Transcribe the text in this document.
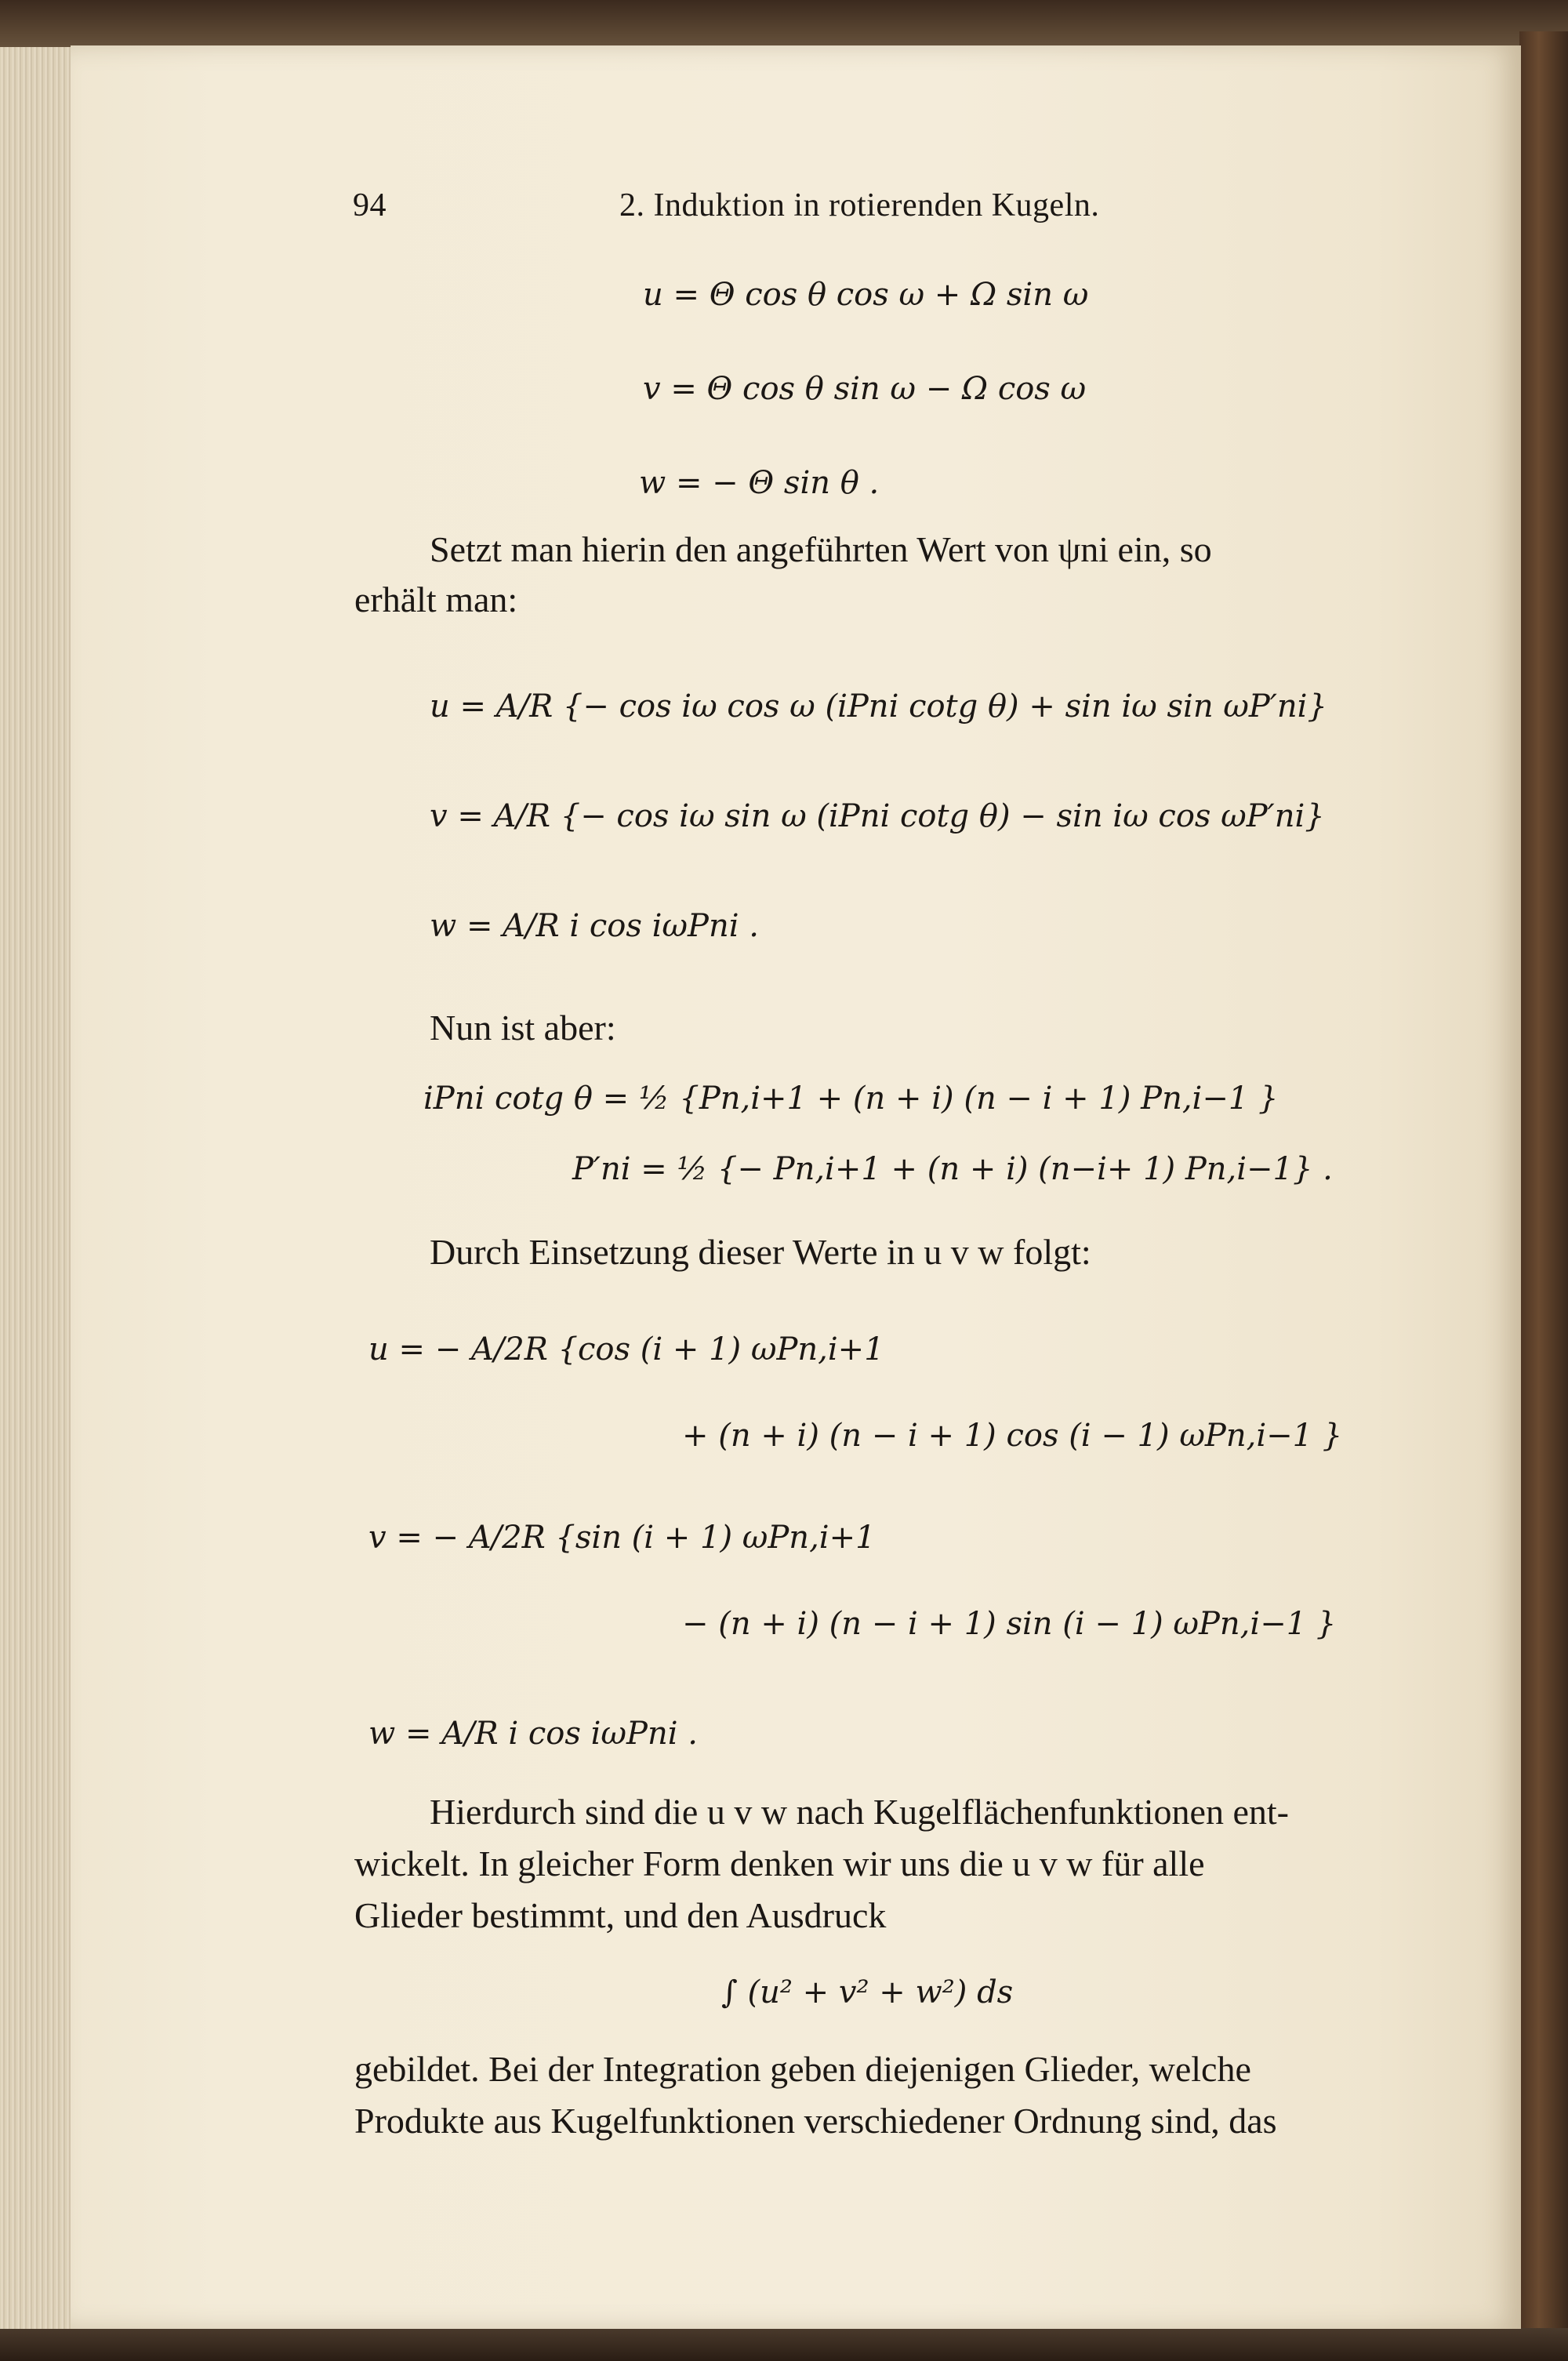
94	2. Induktion in rotierenden Kugeln.
u = Θ cos θ cos ω + Ω sin ω
v = Θ cos θ sin ω − Ω cos ω
w = − Θ sin θ .
Setzt man hierin den angeführten Wert von ψni ein, so
erhält man:
u = A/R {− cos iω cos ω (iPni cotg θ) + sin iω sin ωP′ni}
v = A/R {− cos iω sin ω (iPni cotg θ) − sin iω cos ωP′ni}
w = A/R i cos iωPni .
Nun ist aber:
iPni cotg θ = ½ {Pn,i+1 + (n + i) (n − i + 1) Pn,i−1 }
P′ni = ½ {− Pn,i+1 + (n + i) (n−i+ 1) Pn,i−1} .
Durch Einsetzung dieser Werte in u v w folgt:
u = − A/2R {cos (i + 1) ωPn,i+1
+ (n + i) (n − i + 1) cos (i − 1) ωPn,i−1 }
v = − A/2R {sin (i + 1) ωPn,i+1
− (n + i) (n − i + 1) sin (i − 1) ωPn,i−1 }
w = A/R i cos iωPni .
Hierdurch sind die u v w nach Kugelflächenfunktionen ent-
wickelt. In gleicher Form denken wir uns die u v w für alle
Glieder bestimmt, und den Ausdruck
∫ (u² + v² + w²) ds
gebildet. Bei der Integration geben diejenigen Glieder, welche
Produkte aus Kugelfunktionen verschiedener Ordnung sind, das
